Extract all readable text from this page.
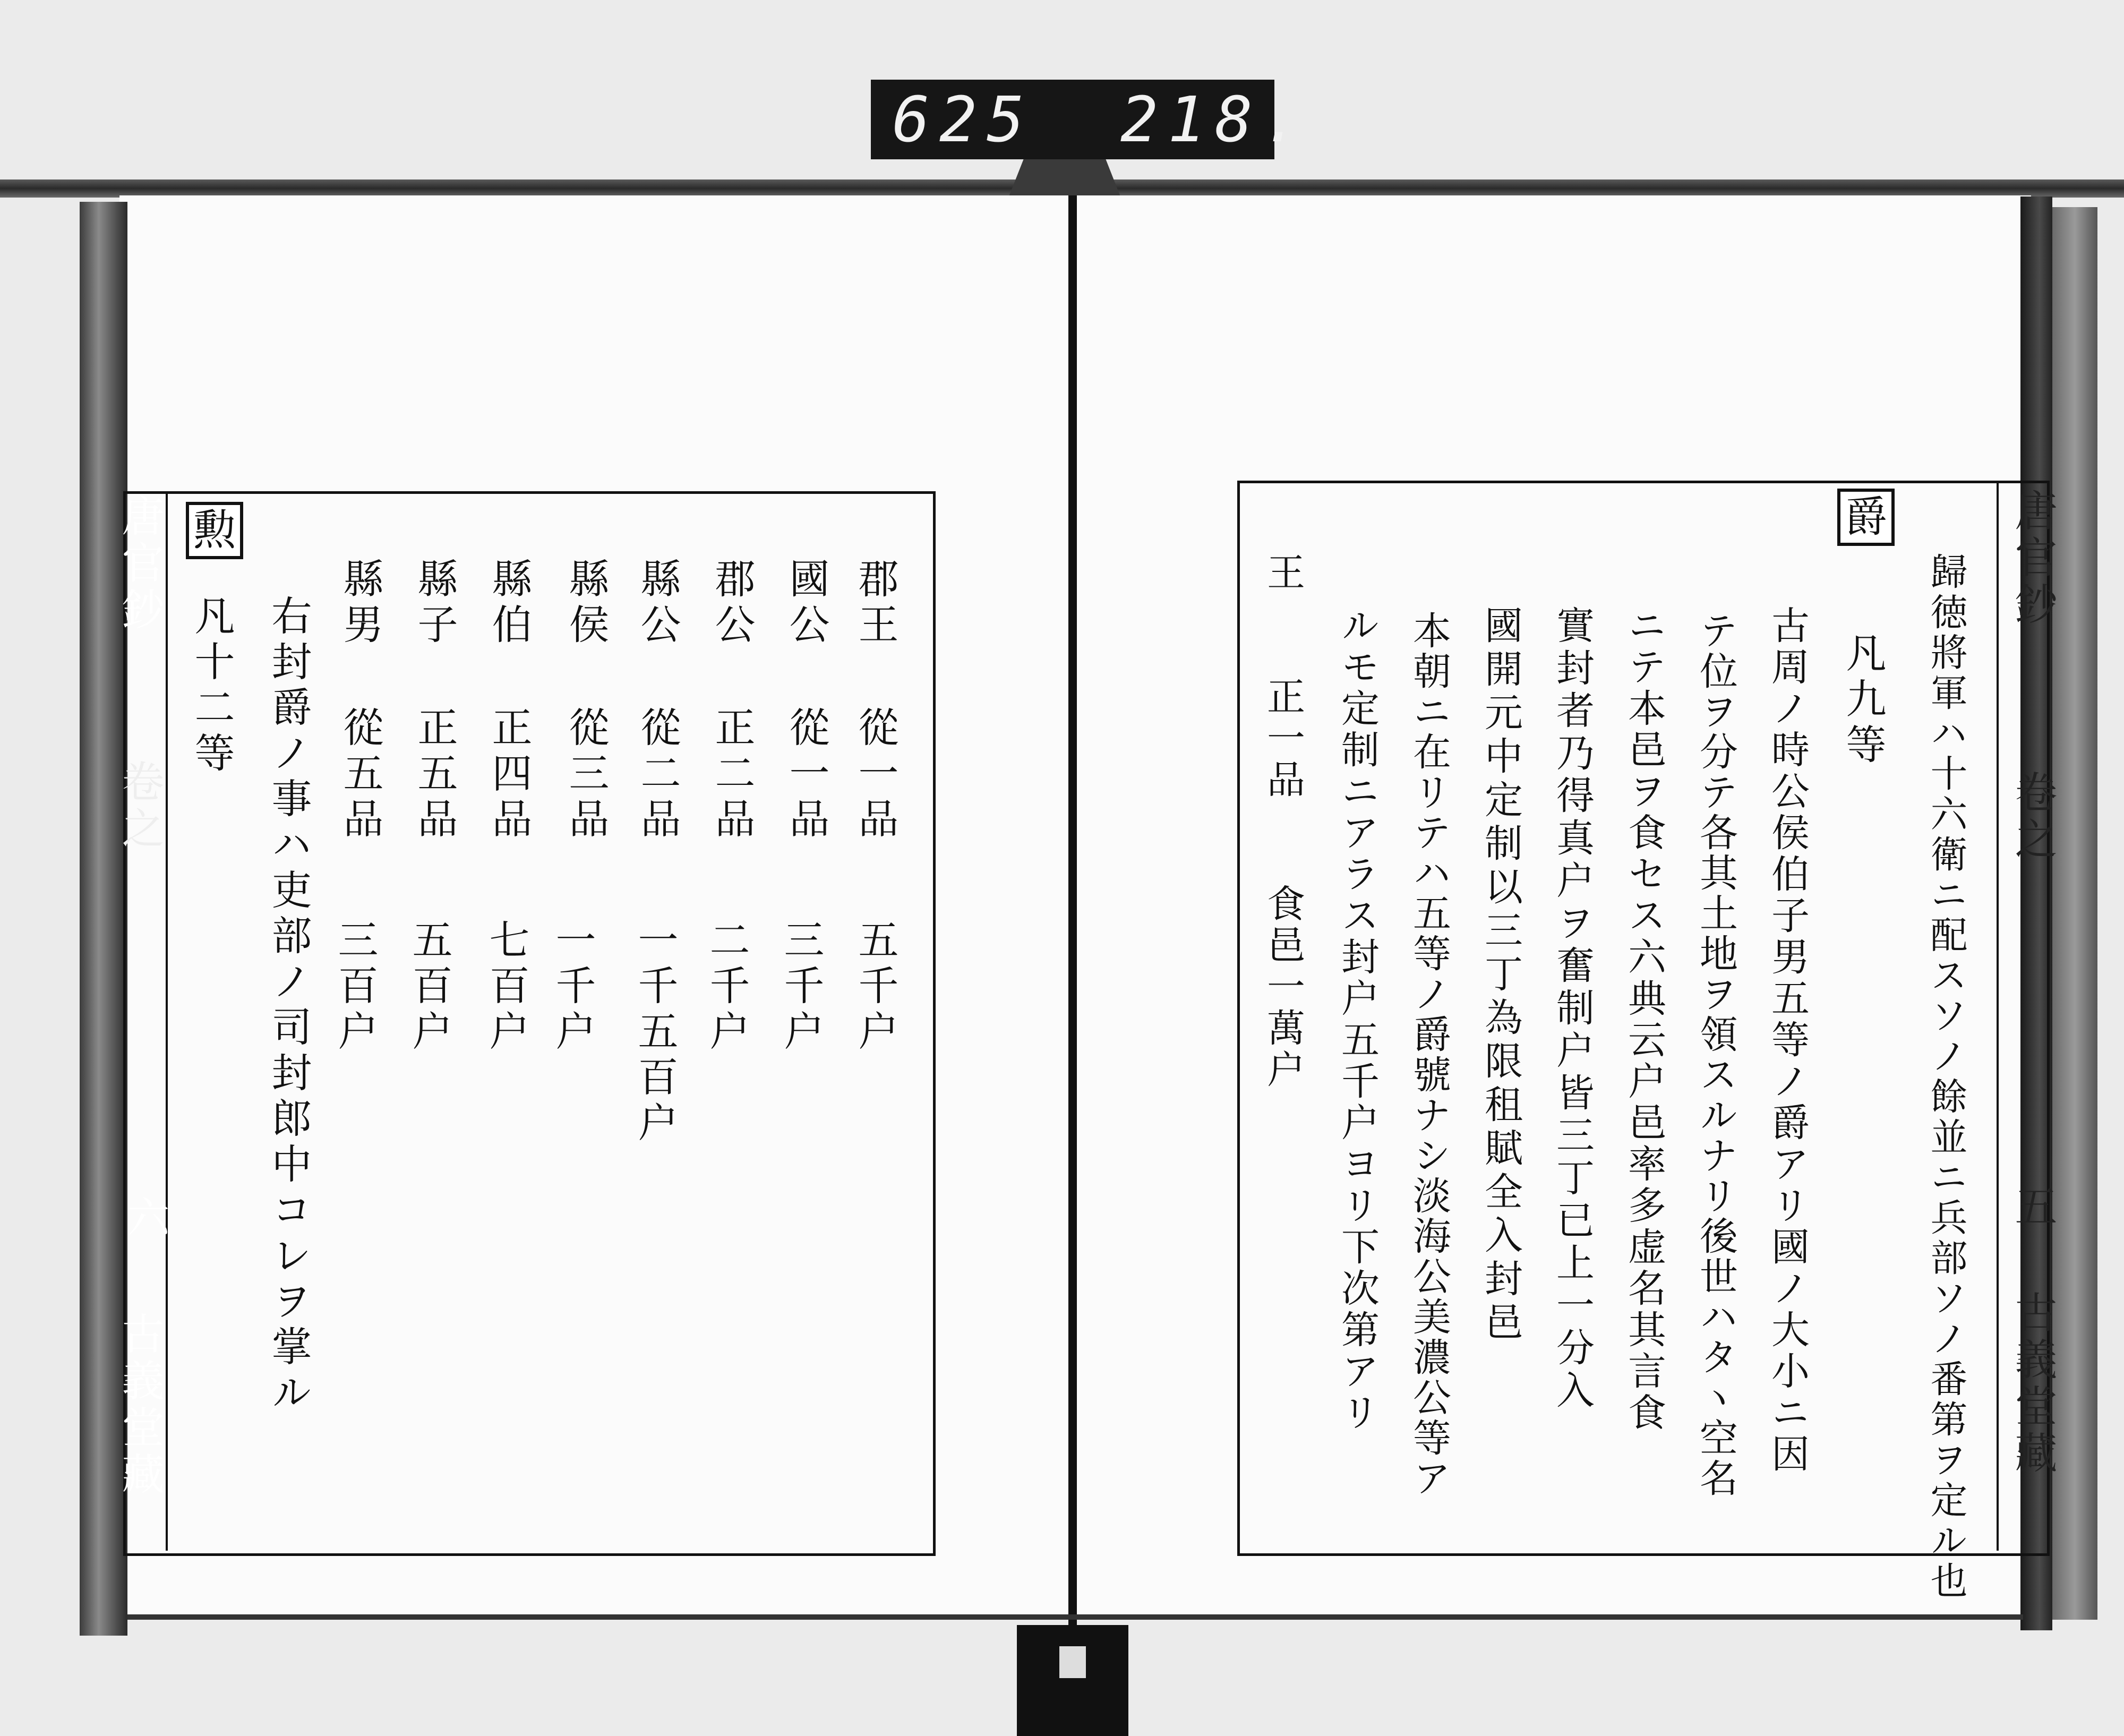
625 218.
唐官鈔
卷之
六
古義堂藏
勲
郡王
從一品
五千户
國公
從一品
三千户
郡公
正二品
二千户
縣公
從二品
一千五百户
縣侯
從三品
一千户
縣伯
正四品
七百户
縣子
正五品
五百户
縣男
從五品
三百户
右封爵ノ事ハ吏部ノ司封郎中コレヲ掌ル
凡十二等
唐官鈔
卷之
五
古義堂藏
爵
歸徳將軍ハ十六衛ニ配スソノ餘並ニ兵部ソノ番第ヲ定ル也
凡九等
古周ノ時公侯伯子男五等ノ爵アリ國ノ大小ニ因
テ位ヲ分テ各其土地ヲ領スルナリ後世ハタヽ空名
ニテ本邑ヲ食セス六典云户邑率多虚名其言食
實封者乃得真户ヲ奮制户皆三丁已上一分入
國開元中定制以三丁為限租賦全入封邑
本朝ニ在リテハ五等ノ爵號ナシ淡海公美濃公等ア
ルモ定制ニアラス封户五千户ヨリ下次第アリ
王　　正一品　　食邑一萬户
